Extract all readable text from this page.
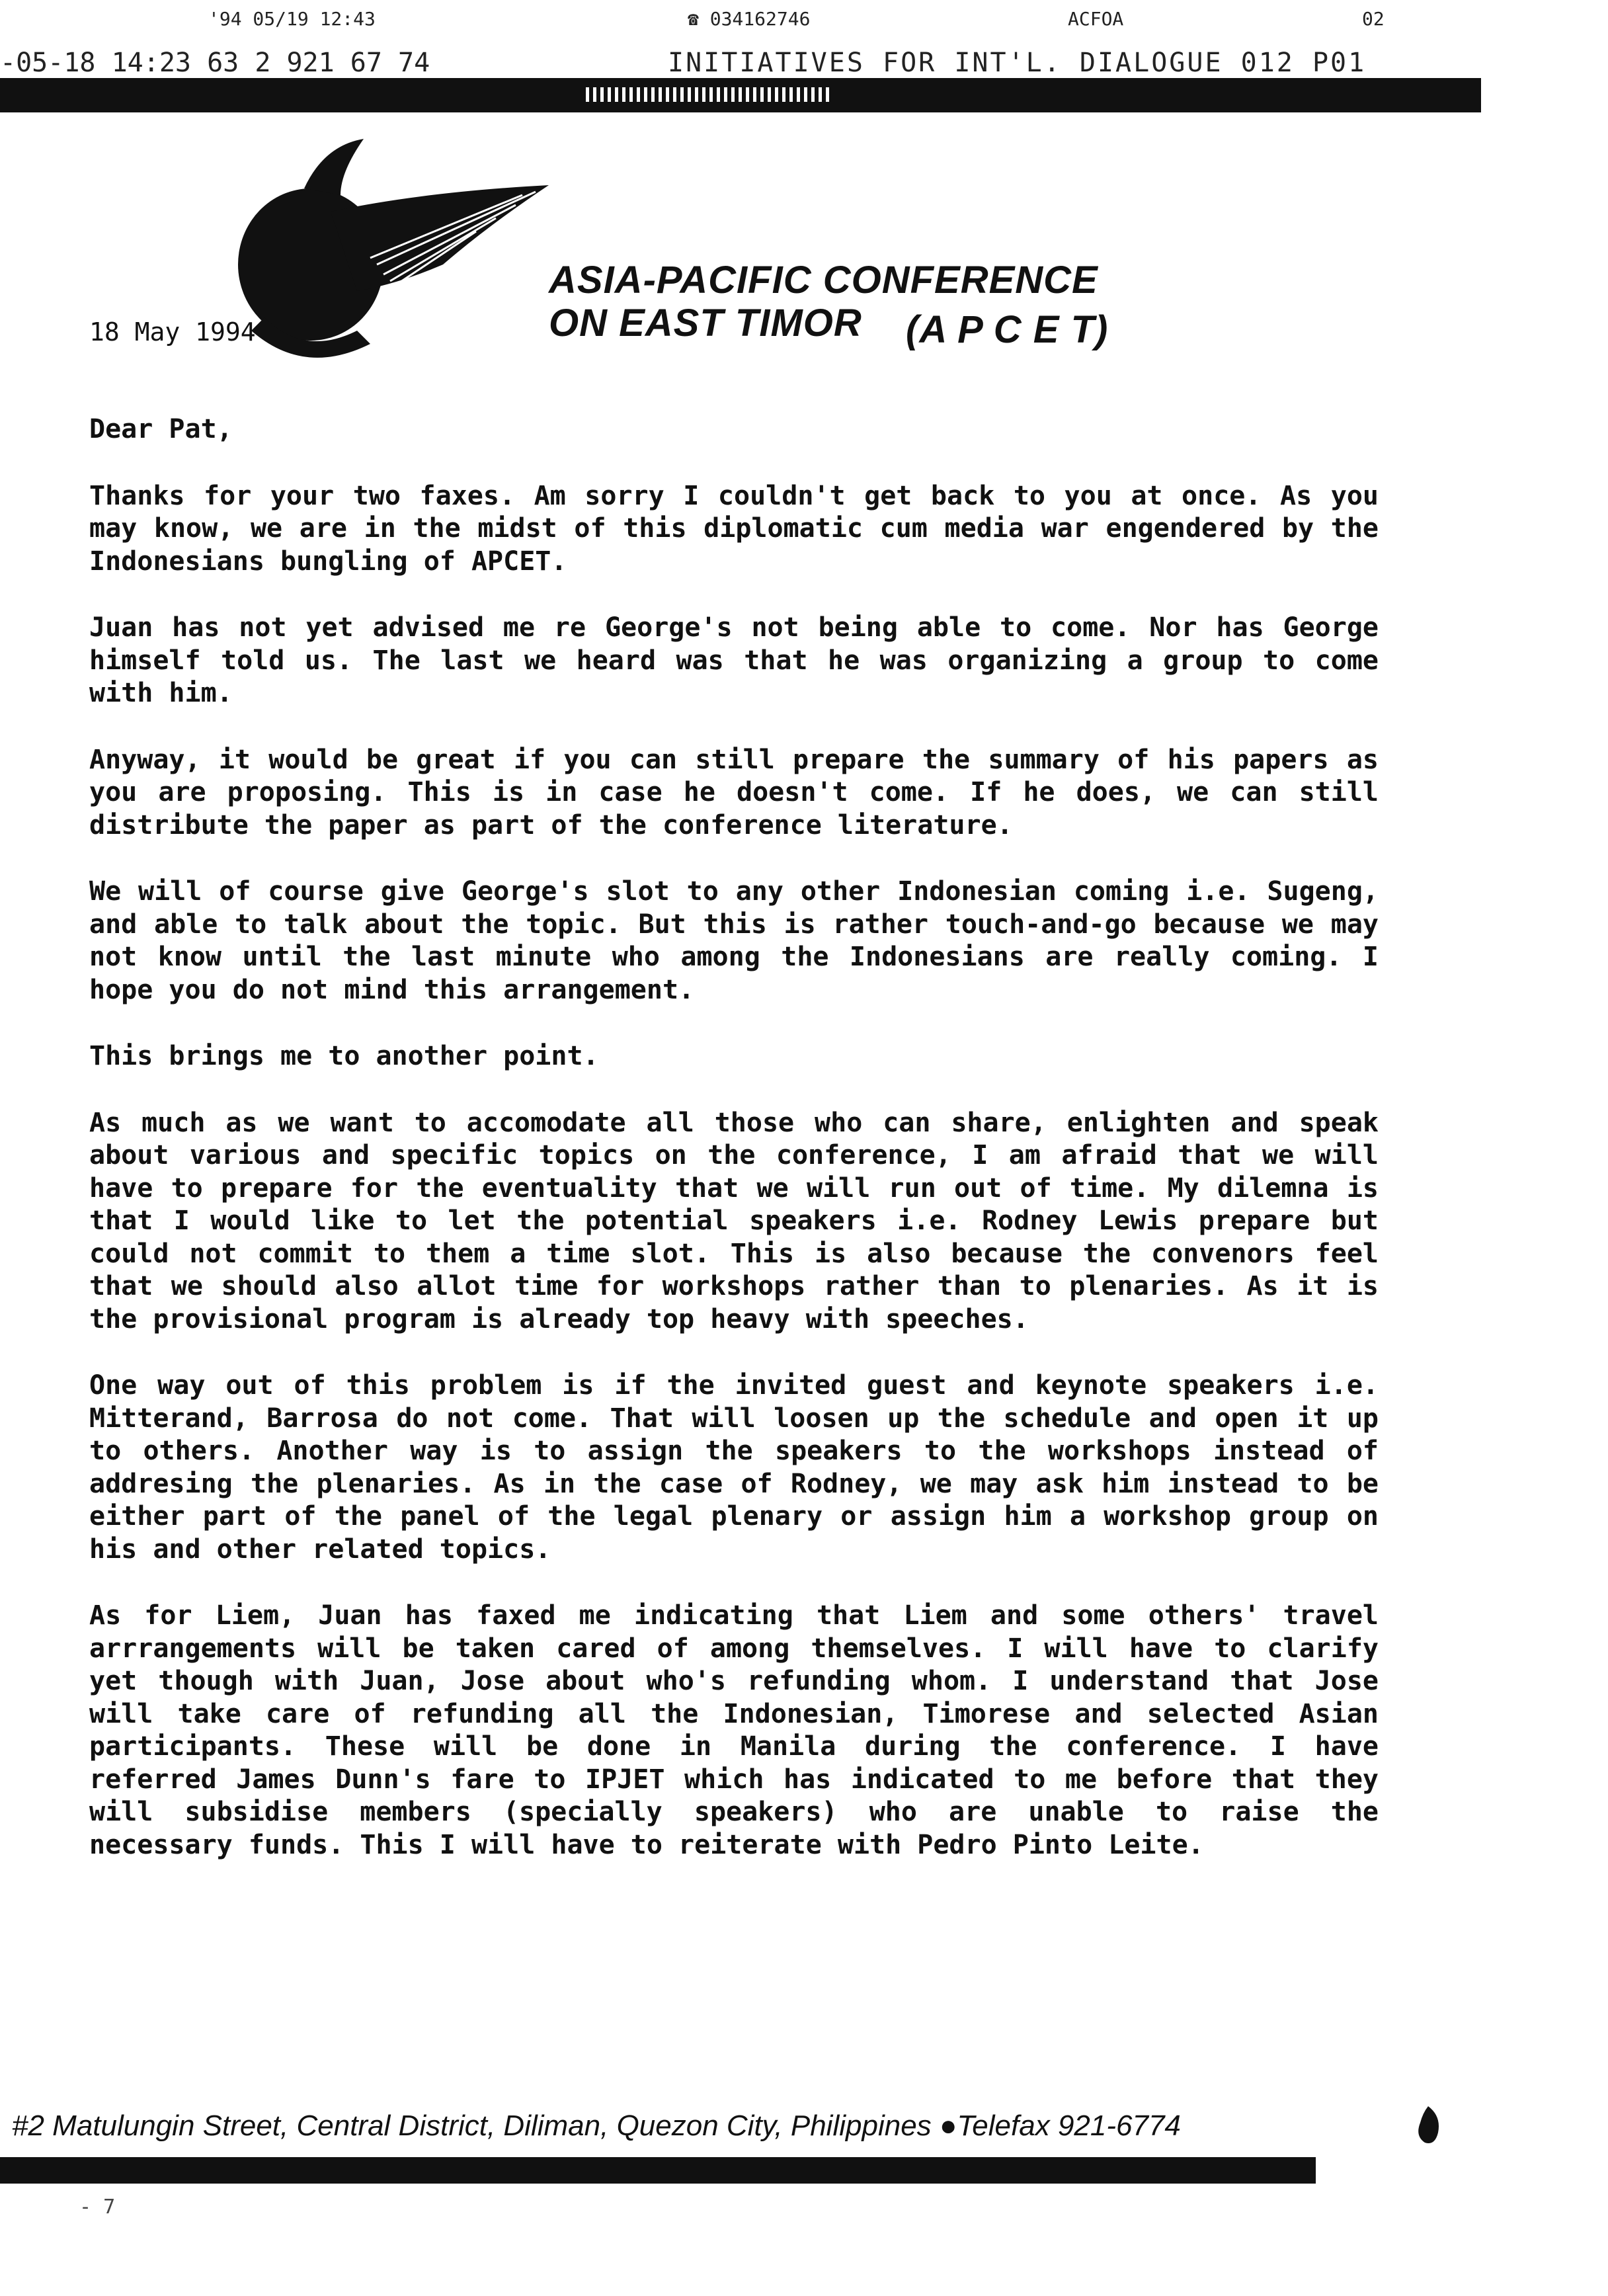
'94 05/19 12:43	☎ 034162746	ACFOA	02
-05-18 14:23 63 2 921 67 74	INITIATIVES FOR INT'L. DIALOGUE 012 P01
ASIA-PACIFIC CONFERENCE
ON EAST TIMOR (A P C E T)
18 May 1994

Dear Pat,

Thanks for your two faxes. Am sorry I couldn't get back to you at once. As you may know, we are in the midst of this diplomatic cum media war engendered by the Indonesians bungling of APCET.

Juan has not yet advised me re George's not being able to come. Nor has George himself told us. The last we heard was that he was organizing a group to come with him.

Anyway, it would be great if you can still prepare the summary of his papers as you are proposing. This is in case he doesn't come. If he does, we can still distribute the paper as part of the conference literature.

We will of course give George's slot to any other Indonesian coming i.e. Sugeng, and able to talk about the topic. But this is rather touch-and-go because we may not know until the last minute who among the Indonesians are really coming. I hope you do not mind this arrangement.

This brings me to another point.

As much as we want to accomodate all those who can share, enlighten and speak about various and specific topics on the conference, I am afraid that we will have to prepare for the eventuality that we will run out of time. My dilemna is that I would like to let the potential speakers i.e. Rodney Lewis prepare but could not commit to them a time slot. This is also because the convenors feel that we should also allot time for workshops rather than to plenaries. As it is the provisional program is already top heavy with speeches.

One way out of this problem is if the invited guest and keynote speakers i.e. Mitterand, Barrosa do not come. That will loosen up the schedule and open it up to others. Another way is to assign the speakers to the workshops instead of addresing the plenaries. As in the case of Rodney, we may ask him instead to be either part of the panel of the legal plenary or assign him a workshop group on his and other related topics.

As for Liem, Juan has faxed me indicating that Liem and some others' travel arrrangements will be taken cared of among themselves. I will have to clarify yet though with Juan, Jose about who's refunding whom. I understand that Jose will take care of refunding all the Indonesian, Timorese and selected Asian participants. These will be done in Manila during the conference. I have referred James Dunn's fare to IPJET which has indicated to me before that they will subsidise members (specially speakers) who are unable to raise the necessary funds. This I will have to reiterate with Pedro Pinto Leite.

#2 Matulungin Street, Central District, Diliman, Quezon City, Philippines ●Telefax 921-6774
- 7
